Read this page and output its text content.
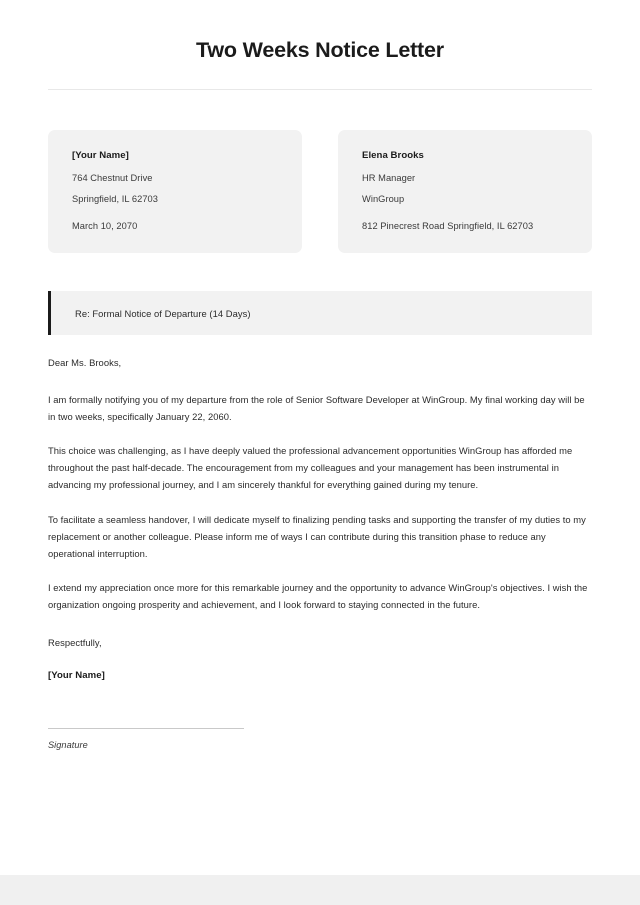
Two Weeks Notice Letter
[Your Name]
764 Chestnut Drive
Springfield, IL 62703
March 10, 2070
Elena Brooks
HR Manager
WinGroup
812 Pinecrest Road Springfield, IL 62703
Re: Formal Notice of Departure (14 Days)
Dear Ms. Brooks,

I am formally notifying you of my departure from the role of Senior Software Developer at WinGroup. My final working day will be in two weeks, specifically January 22, 2060.

This choice was challenging, as I have deeply valued the professional advancement opportunities WinGroup has afforded me throughout the past half-decade. The encouragement from my colleagues and your management has been instrumental in advancing my professional journey, and I am sincerely thankful for everything gained during my tenure.

To facilitate a seamless handover, I will dedicate myself to finalizing pending tasks and supporting the transfer of my duties to my replacement or another colleague. Please inform me of ways I can contribute during this transition phase to reduce any operational interruption.

I extend my appreciation once more for this remarkable journey and the opportunity to advance WinGroup's objectives. I wish the organization ongoing prosperity and achievement, and I look forward to staying connected in the future.

Respectfully,
[Your Name]
Signature
